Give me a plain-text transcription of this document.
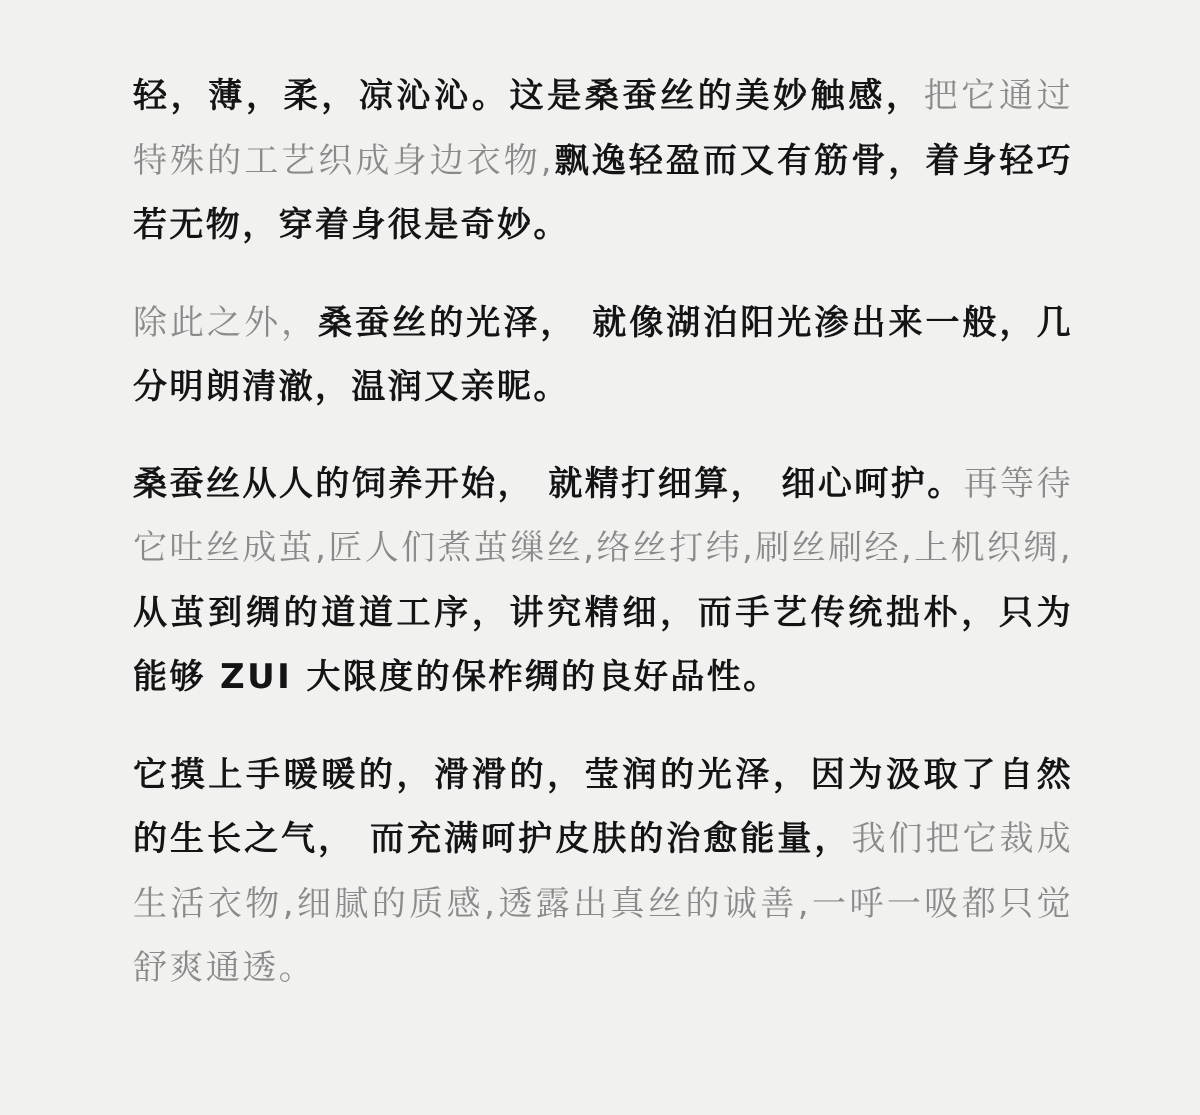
轻，薄，柔，凉沁沁。这是桑蚕丝的美妙触感，把它通过特殊的工艺织成身边衣物,飘逸轻盈而又有筋骨，着身轻巧若无物，穿着身很是奇妙。

除此之外，桑蚕丝的光泽， 就像湖泊阳光渗出来一般，几分明朗清澈，温润又亲昵。

桑蚕丝从人的饲养开始， 就精打细算， 细心呵护。再等待它吐丝成茧,匠人们煮茧缫丝,络丝打纬,刷丝刷经,上机织绸,从茧到绸的道道工序，讲究精细，而手艺传统拙朴，只为能够 ZUI 大限度的保柞绸的良好品性。

它摸上手暖暖的，滑滑的，莹润的光泽，因为汲取了自然的生长之气， 而充满呵护皮肤的治愈能量，我们把它裁成生活衣物,细腻的质感,透露出真丝的诚善,一呼一吸都只觉舒爽通透。
